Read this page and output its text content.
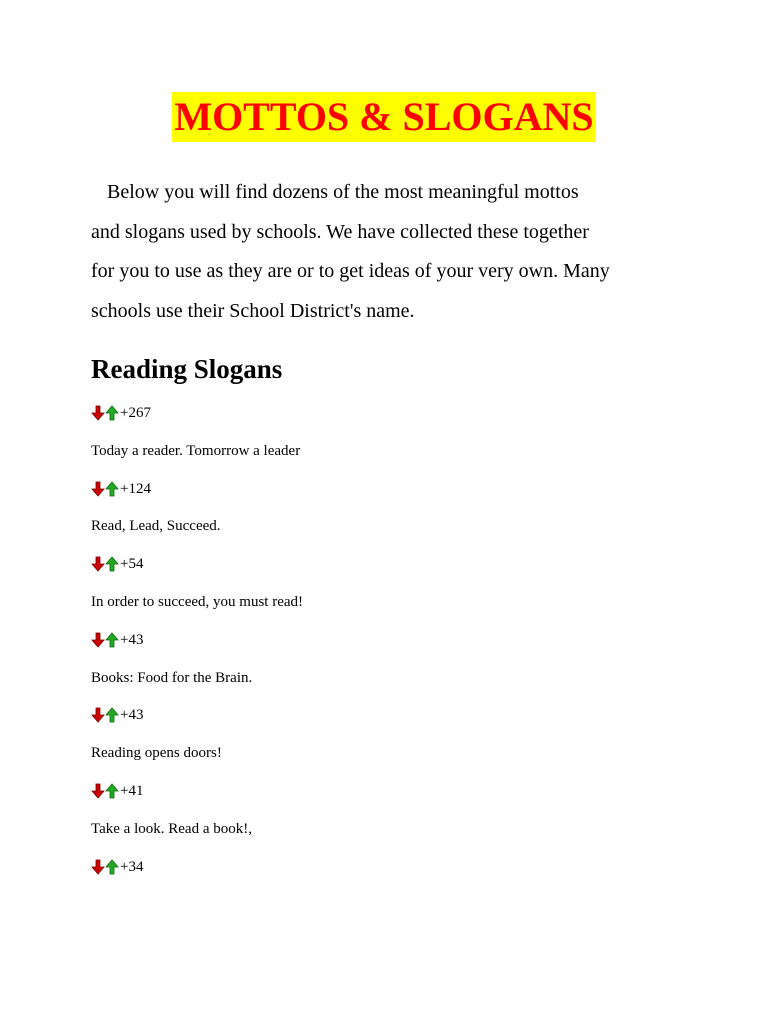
MOTTOS & SLOGANS

Below you will find dozens of the most meaningful mottos

and slogans used by schools. We have collected these together

for you to use as they are or to get ideas of your very own. Many

schools use their School District's name.

Reading Slogans
+267
Today a reader. Tomorrow a leader
+124
Read, Lead, Succeed.
+54
In order to succeed, you must read!
+43
Books: Food for the Brain.
+43
Reading opens doors!
+41
Take a look. Read a book!,
+34
